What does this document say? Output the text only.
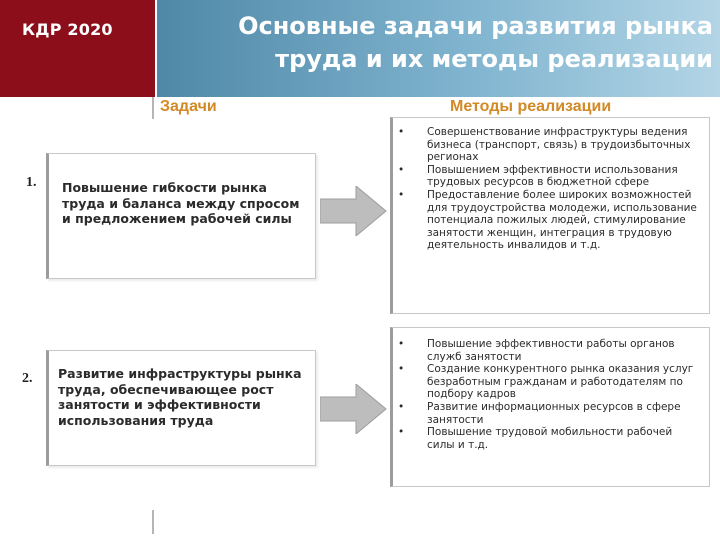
КДР 2020	Основные задачи развития рынка
труда и их методы реализации
Задачи	Методы реализации
1. Повышение гибкости рынка труда и баланса между спросом и предложением рабочей силы
2. Развитие инфраструктуры рынка труда, обеспечивающее рост занятости и эффективности использования труда
• Совершенствование инфраструктуры ведения бизнеса (транспорт, связь) в трудоизбыточных регионах
• Повышением эффективности использования трудовых ресурсов в бюджетной сфере
• Предоставление более широких возможностей для трудоустройства молодежи, использование потенциала пожилых людей, стимулирование занятости женщин, интеграция в трудовую деятельность инвалидов и т.д.
• Повышение эффективности работы органов служб занятости
• Создание конкурентного рынка оказания услуг безработным гражданам и работодателям по подбору кадров
• Развитие информационных ресурсов в сфере занятости
• Повышение трудовой мобильности рабочей силы и т.д.
